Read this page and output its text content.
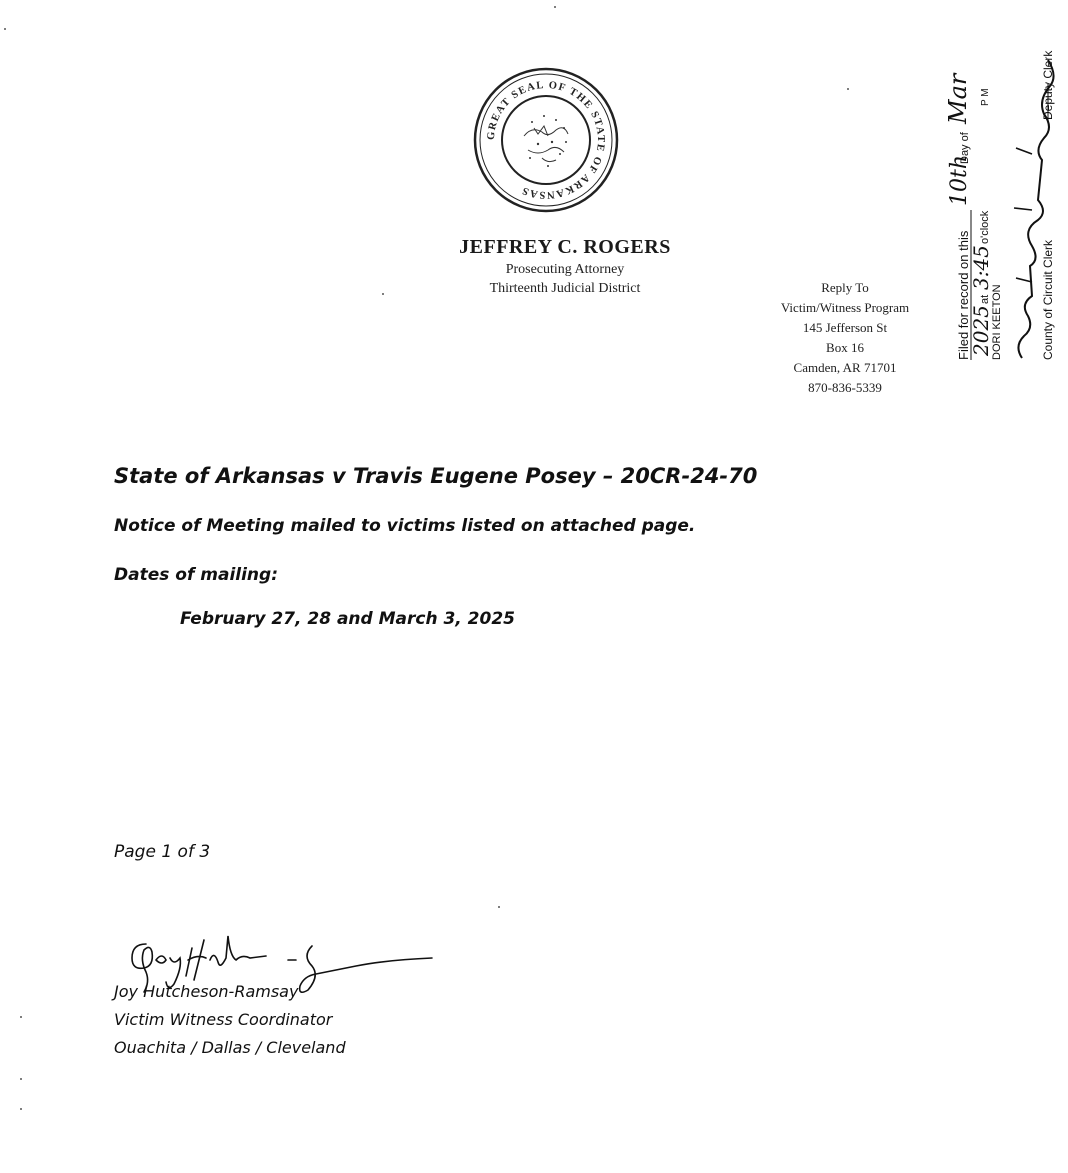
GREAT SEAL OF THE STATE OF ARKANSAS
JEFFREY C. ROGERS
Prosecuting Attorney
Thirteenth Judicial District	Reply To
Victim/Witness Program
145 Jefferson St
Box 16
Camden, AR 71701
870-836-5339
Filed for record on this
10th
Day of
Mar
2025
at
3:45
o'clock
P M
DORI KEETON	County of Circuit Clerk
Deputy Clerk
State of Arkansas v Travis Eugene Posey – 20CR-24-70
Notice of Meeting mailed to victims listed on attached page.
Dates of mailing:
February 27, 28 and March 3, 2025
Page 1 of 3
Joy Hutcheson-Ramsay
Victim Witness Coordinator
Ouachita / Dallas / Cleveland
